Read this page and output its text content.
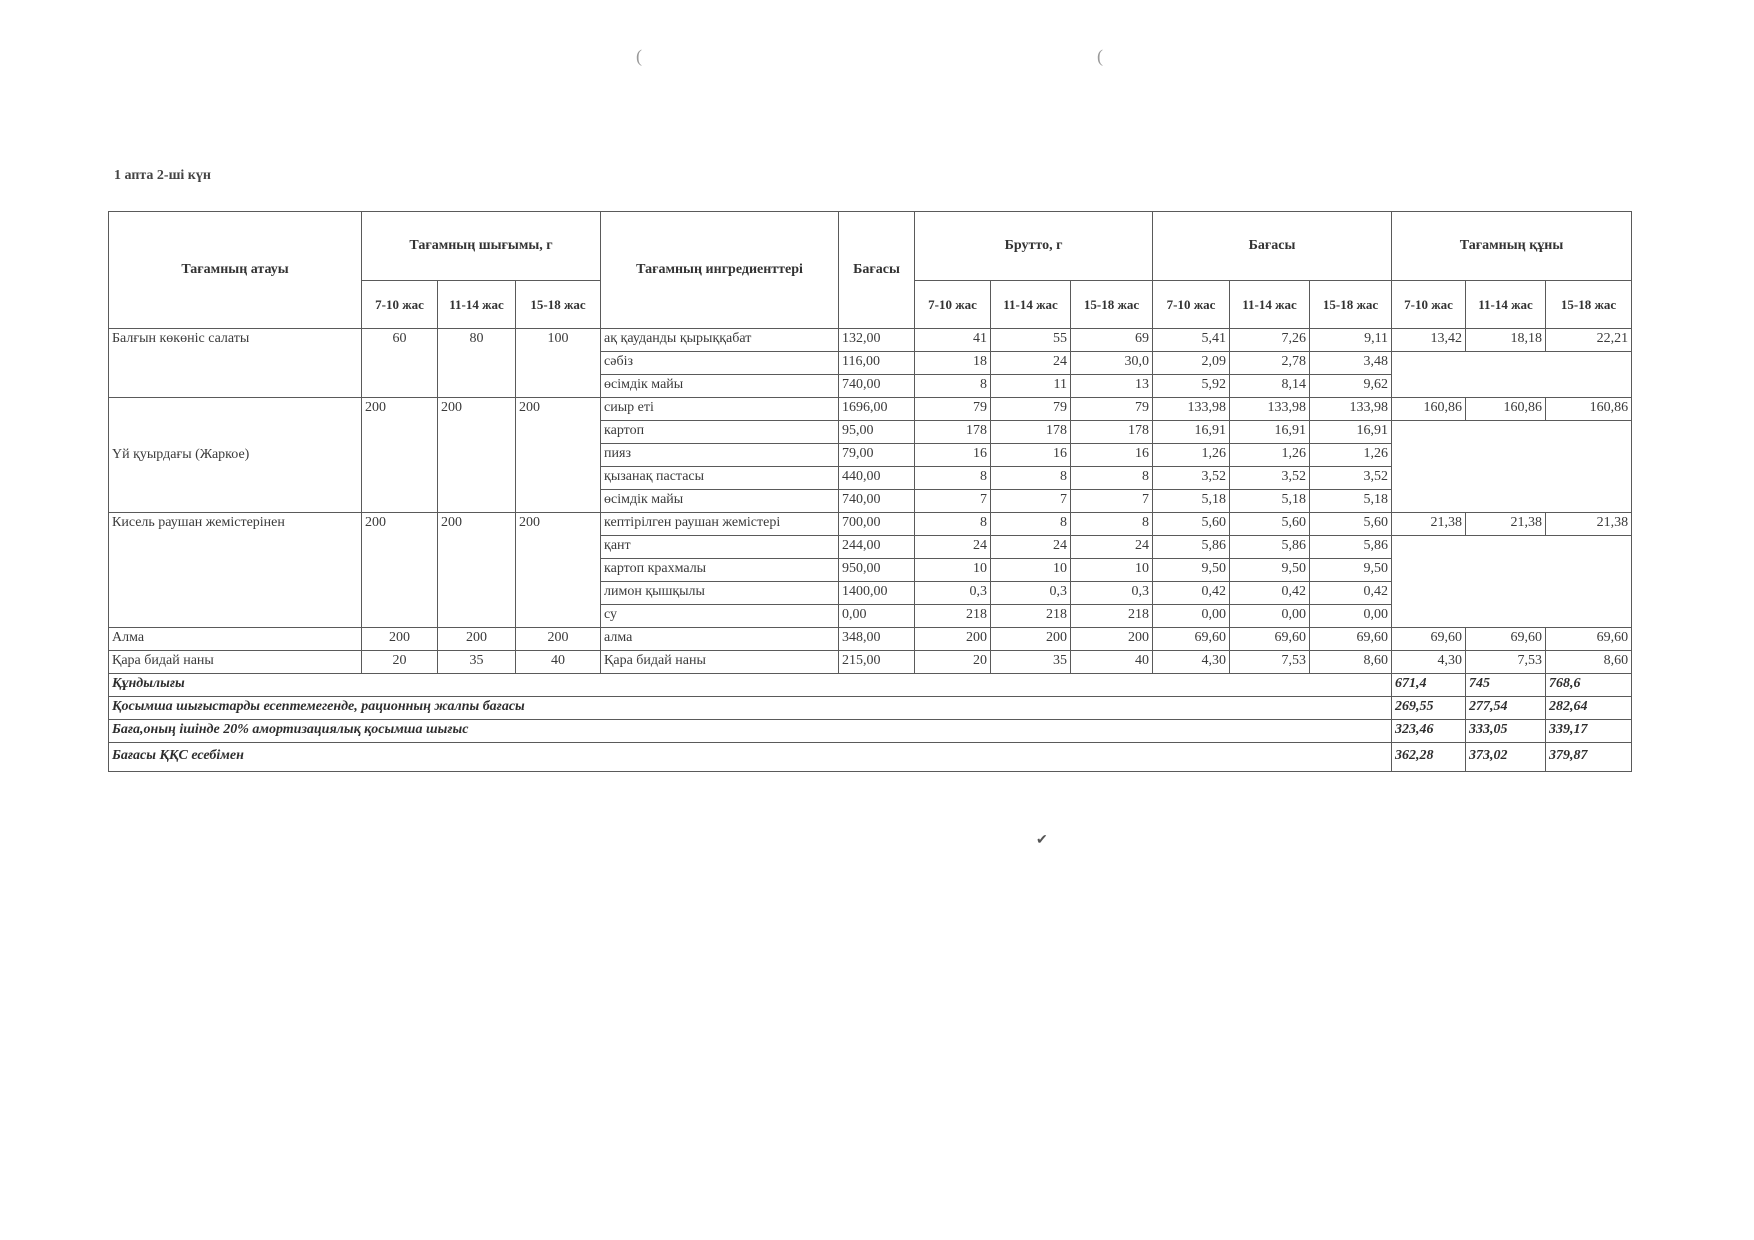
1 апта 2-ші күн
Тағамның атауы	Тағамның шығымы, г			Тағамның ингредиенттері	Бағасы	Брутто, г			Бағасы			Тағамның құны		
	7-10 жас	11-14 жас	15-18 жас			7-10 жас	11-14 жас	15-18 жас	7-10 жас	11-14 жас	15-18 жас	7-10 жас	11-14 жас	15-18 жас
Балғын көкөніс салаты	60	80	100	ақ қауданды қырыққабат	132,00	41	55	69	5,41	7,26	9,11	13,42	18,18	22,21
				сәбіз	116,00	18	24	30,0	2,09	2,78	3,48			
				өсімдік майы	740,00	8	11	13	5,92	8,14	9,62			
Үй қуырдағы (Жаркое)	200	200	200	сиыр еті	1696,00	79	79	79	133,98	133,98	133,98	160,86	160,86	160,86
				картоп	95,00	178	178	178	16,91	16,91	16,91			
				пияз	79,00	16	16	16	1,26	1,26	1,26			
				қызанақ пастасы	440,00	8	8	8	3,52	3,52	3,52			
				өсімдік майы	740,00	7	7	7	5,18	5,18	5,18			
Кисель раушан жемістерінен	200	200	200	кептірілген раушан жемістері	700,00	8	8	8	5,60	5,60	5,60	21,38	21,38	21,38
				қант	244,00	24	24	24	5,86	5,86	5,86			
				картоп крахмалы	950,00	10	10	10	9,50	9,50	9,50			
				лимон қышқылы	1400,00	0,3	0,3	0,3	0,42	0,42	0,42			
				су	0,00	218	218	218	0,00	0,00	0,00			
Алма	200	200	200	алма	348,00	200	200	200	69,60	69,60	69,60	69,60	69,60	69,60
Қара бидай наны	20	35	40	Қара бидай наны	215,00	20	35	40	4,30	7,53	8,60	4,30	7,53	8,60
Құндылығы												671,4	745	768,6
Қосымша шығыстарды есептемегенде, рационның жалпы бағасы												269,55	277,54	282,64
Баға,оның ішінде 20% амортизациялық қосымша шығыс												323,46	333,05	339,17
Бағасы ҚҚС есебімен												362,28	373,02	379,87
(	(
✔
